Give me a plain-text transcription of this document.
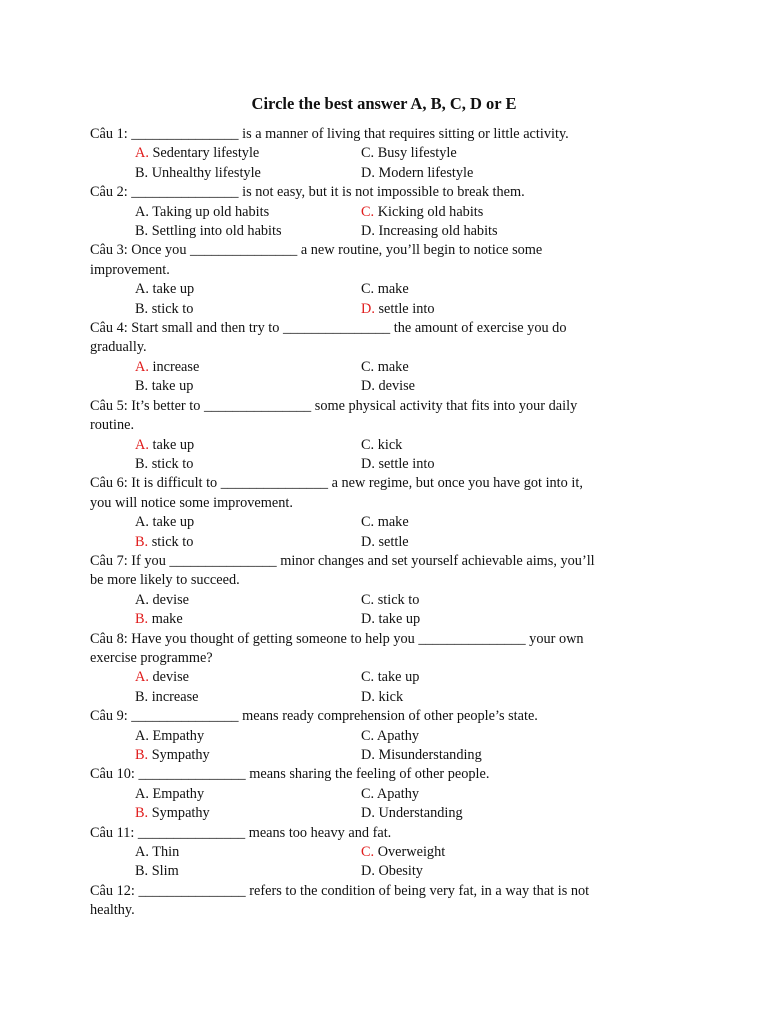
Circle the best answer A, B, C, D or E
Câu 1: _______________ is a manner of living that requires sitting or little activity.
A. Sedentary lifestyle	C. Busy lifestyle
B. Unhealthy lifestyle	D. Modern lifestyle
Câu 2: _______________ is not easy, but it is not impossible to break them.
A. Taking up old habits	C. Kicking old habits
B. Settling into old habits	D. Increasing old habits
Câu 3: Once you _______________ a new routine, you’ll begin to notice some
improvement.
A. take up	C. make
B. stick to	D. settle into
Câu 4: Start small and then try to _______________ the amount of exercise you do
gradually.
A. increase	C. make
B. take up	D. devise
Câu 5: It’s better to _______________ some physical activity that fits into your daily
routine.
A. take up	C. kick
B. stick to	D. settle into
Câu 6: It is difficult to _______________ a new regime, but once you have got into it,
you will notice some improvement.
A. take up	C. make
B. stick to	D. settle
Câu 7: If you _______________ minor changes and set yourself achievable aims, you’ll
be more likely to succeed.
A. devise	C. stick to
B. make	D. take up
Câu 8: Have you thought of getting someone to help you _______________ your own
exercise programme?
A. devise	C. take up
B. increase	D. kick
Câu 9: _______________ means ready comprehension of other people’s state.
A. Empathy	C. Apathy
B. Sympathy	D. Misunderstanding
Câu 10: _______________ means sharing the feeling of other people.
A. Empathy	C. Apathy
B. Sympathy	D. Understanding
Câu 11: _______________ means too heavy and fat.
A. Thin	C. Overweight
B. Slim	D. Obesity
Câu 12: _______________ refers to the condition of being very fat, in a way that is not
healthy.
